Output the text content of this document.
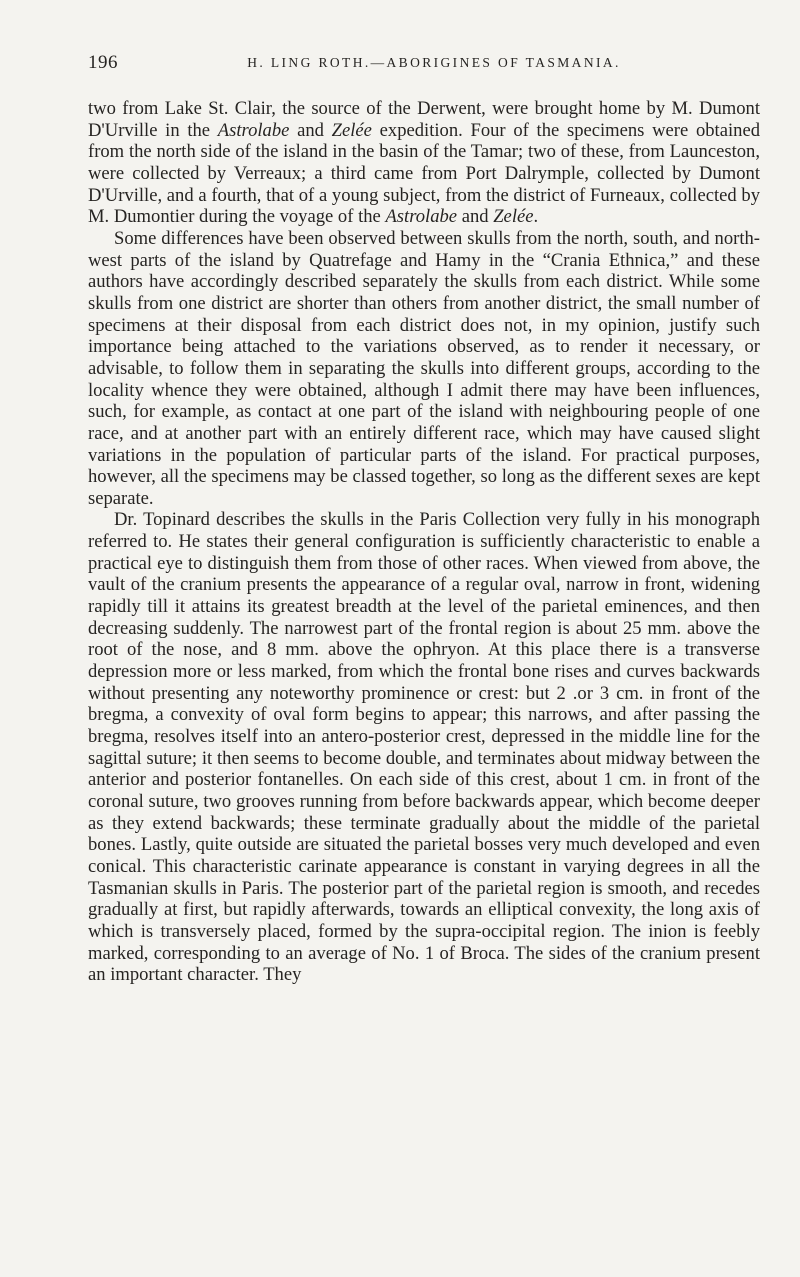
196	H. LING ROTH.—ABORIGINES OF TASMANIA.

two from Lake St. Clair, the source of the Derwent, were brought home by M. Dumont D'Urville in the Astrolabe and Zelée expedition. Four of the specimens were obtained from the north side of the island in the basin of the Tamar; two of these, from Launceston, were collected by Verreaux; a third came from Port Dalrymple, collected by Dumont D'Urville, and a fourth, that of a young subject, from the district of Furneaux, collected by M. Dumontier during the voyage of the Astrolabe and Zelée.

Some differences have been observed between skulls from the north, south, and north-west parts of the island by Quatrefage and Hamy in the “Crania Ethnica,” and these authors have accordingly described separately the skulls from each district. While some skulls from one district are shorter than others from another district, the small number of specimens at their disposal from each district does not, in my opinion, justify such importance being attached to the variations observed, as to render it necessary, or advisable, to follow them in separating the skulls into different groups, according to the locality whence they were obtained, although I admit there may have been influences, such, for example, as contact at one part of the island with neighbouring people of one race, and at another part with an entirely different race, which may have caused slight variations in the population of particular parts of the island. For practical purposes, however, all the specimens may be classed together, so long as the different sexes are kept separate.

Dr. Topinard describes the skulls in the Paris Collection very fully in his monograph referred to. He states their general configuration is sufficiently characteristic to enable a practical eye to distinguish them from those of other races. When viewed from above, the vault of the cranium presents the appearance of a regular oval, narrow in front, widening rapidly till it attains its greatest breadth at the level of the parietal eminences, and then decreasing suddenly. The narrowest part of the frontal region is about 25 mm. above the root of the nose, and 8 mm. above the ophryon. At this place there is a transverse depression more or less marked, from which the frontal bone rises and curves backwards without presenting any noteworthy prominence or crest: but 2 .or 3 cm. in front of the bregma, a convexity of oval form begins to appear; this narrows, and after passing the bregma, resolves itself into an antero-posterior crest, depressed in the middle line for the sagittal suture; it then seems to become double, and terminates about midway between the anterior and posterior fontanelles. On each side of this crest, about 1 cm. in front of the coronal suture, two grooves running from before backwards appear, which become deeper as they extend backwards; these terminate gradually about the middle of the parietal bones. Lastly, quite outside are situated the parietal bosses very much developed and even conical. This characteristic carinate appearance is constant in varying degrees in all the Tasmanian skulls in Paris. The posterior part of the parietal region is smooth, and recedes gradually at first, but rapidly afterwards, towards an elliptical convexity, the long axis of which is transversely placed, formed by the supra-occipital region. The inion is feebly marked, corresponding to an average of No. 1 of Broca. The sides of the cranium present an important character. They
